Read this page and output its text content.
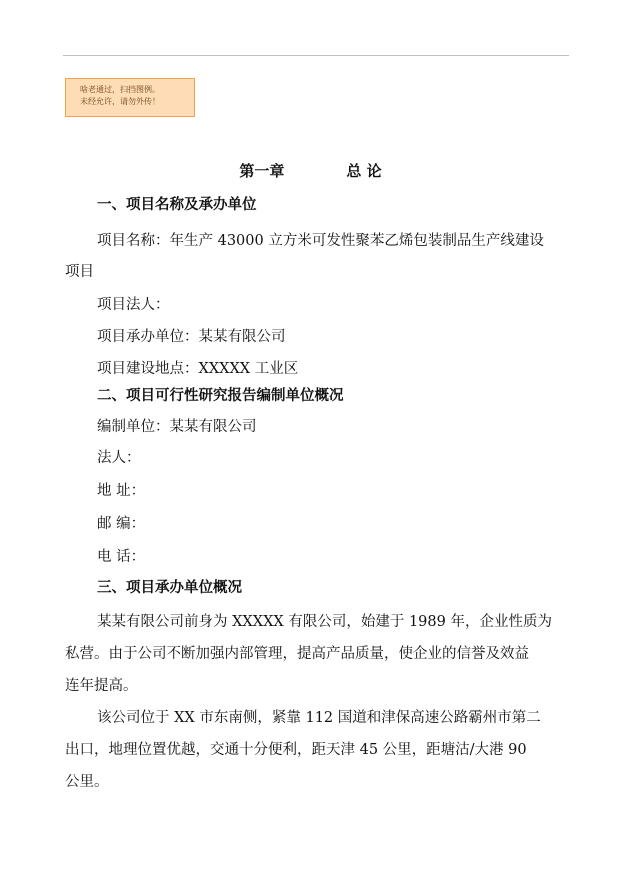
啥老通过，扫挡图例。
未经允许，请勿外传！
第一章	总 论
一、项目名称及承办单位
项目名称：年生产 43000 立方米可发性聚苯乙烯包装制品生产线建设
项目
项目法人：
项目承办单位：某某有限公司
项目建设地点：XXXXX 工业区
二、项目可行性研究报告编制单位概况
编制单位：某某有限公司
法人：
地 址：
邮 编：
电 话：
三、项目承办单位概况
某某有限公司前身为 XXXXX 有限公司，始建于 1989 年，企业性质为
私营。由于公司不断加强内部管理，提高产品质量，使企业的信誉及效益
连年提高。
该公司位于 XX 市东南侧，紧靠 112 国道和津保高速公路霸州市第二
出口，地理位置优越，交通十分便利，距天津 45 公里，距塘沽/大港 90
公里。
